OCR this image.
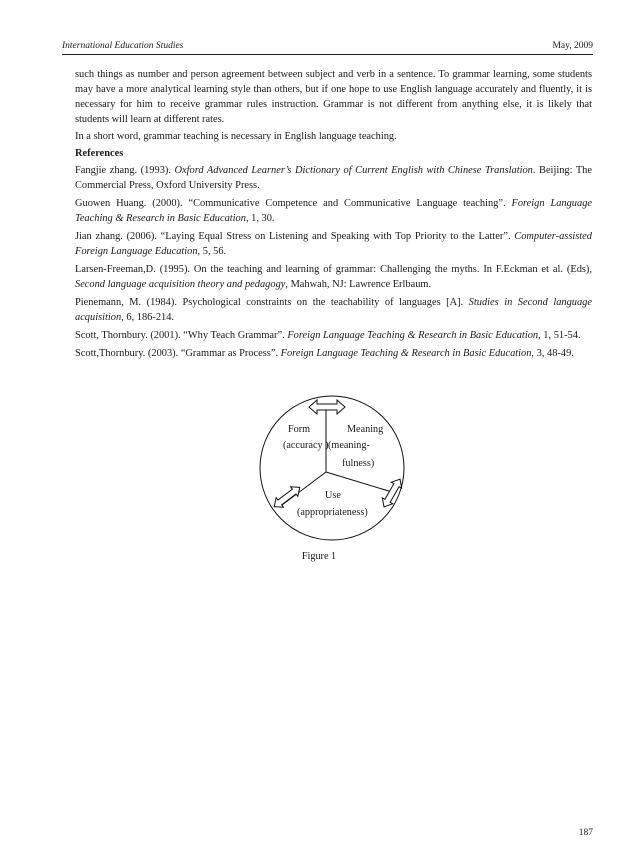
International Education Studies	May, 2009

such things as number and person agreement between subject and verb in a sentence. To grammar learning, some students may have a more analytical learning style than others, but if one hope to use English language accurately and fluently, it is necessary for him to receive grammar rules instruction. Grammar is not different from anything else, it is likely that students will learn at different rates.

In a short word, grammar teaching is necessary in English language teaching.

References

Fangjie zhang. (1993). Oxford Advanced Learner’s Dictionary of Current English with Chinese Translation. Beijing: The Commercial Press, Oxford University Press.

Guowen Huang. (2000). “Communicative Competence and Communicative Language teaching”. Foreign Language Teaching & Research in Basic Education, 1, 30.

Jian zhang. (2006). “Laying Equal Stress on Listening and Speaking with Top Priority to the Latter”. Computer-assisted Foreign Language Education, 5, 56.

Larsen-Freeman,D. (1995). On the teaching and learning of grammar: Challenging the myths. In F.Eckman et al. (Eds), Second language acquisition theory and pedagogy, Mahwah, NJ: Lawrence Erlbaum.

Pienemann, M. (1984). Psychological constraints on the teachability of languages [A]. Studies in Second language acquisition, 6, 186-214.

Scott, Thornbury. (2001). “Why Teach Grammar”. Foreign Language Teaching & Research in Basic Education, 1, 51-54.

Scott,Thornbury. (2003). “Grammar as Process”. Foreign Language Teaching & Research in Basic Education, 3, 48-49.

Form
(accuracy )
Meaning
(meaning-
fulness)
Use
(appropriateness)
Figure 1
187
